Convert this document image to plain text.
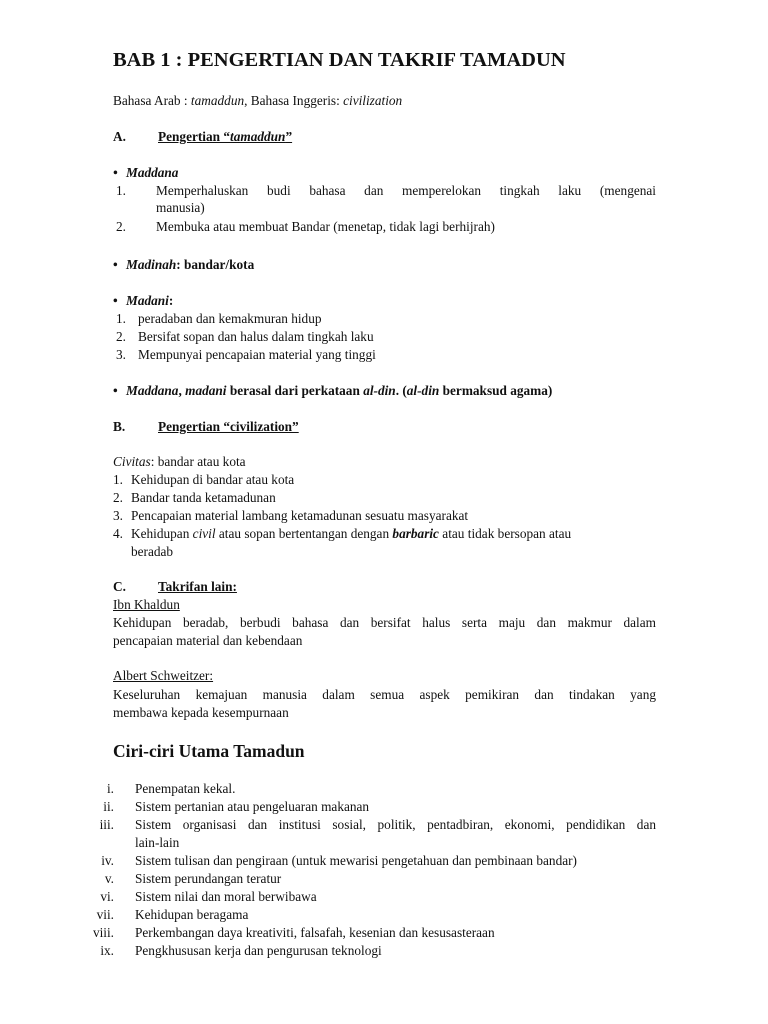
BAB 1 : PENGERTIAN DAN TAKRIF TAMADUN
Bahasa Arab : tamaddun, Bahasa Inggeris: civilization
A. Pengertian “tamaddun”
• Maddana
1. Memperhaluskan budi bahasa dan memperelokan tingkah laku (mengenai
manusia)
2. Membuka atau membuat Bandar (menetap, tidak lagi berhijrah)
• Madinah: bandar/kota
• Madani:
1. peradaban dan kemakmuran hidup
2. Bersifat sopan dan halus dalam tingkah laku
3. Mempunyai pencapaian material yang tinggi
• Maddana, madani berasal dari perkataan al-din. (al-din bermaksud agama)
B. Pengertian “civilization”
Civitas: bandar atau kota
1. Kehidupan di bandar atau kota
2. Bandar tanda ketamadunan
3. Pencapaian material lambang ketamadunan sesuatu masyarakat
4. Kehidupan civil atau sopan bertentangan dengan barbaric atau tidak bersopan atau
beradab
C. Takrifan lain:
Ibn Khaldun
Kehidupan beradab, berbudi bahasa dan bersifat halus serta maju dan makmur dalam
pencapaian material dan kebendaan
Albert Schweitzer:
Keseluruhan kemajuan manusia dalam semua aspek pemikiran dan tindakan yang
membawa kepada kesempurnaan
Ciri-ciri Utama Tamadun
i. Penempatan kekal.
ii. Sistem pertanian atau pengeluaran makanan
iii. Sistem organisasi dan institusi sosial, politik, pentadbiran, ekonomi, pendidikan dan
lain-lain
iv. Sistem tulisan dan pengiraan (untuk mewarisi pengetahuan dan pembinaan bandar)
v. Sistem perundangan teratur
vi. Sistem nilai dan moral berwibawa
vii. Kehidupan beragama
viii. Perkembangan daya kreativiti, falsafah, kesenian dan kesusasteraan
ix. Pengkhususan kerja dan pengurusan teknologi
